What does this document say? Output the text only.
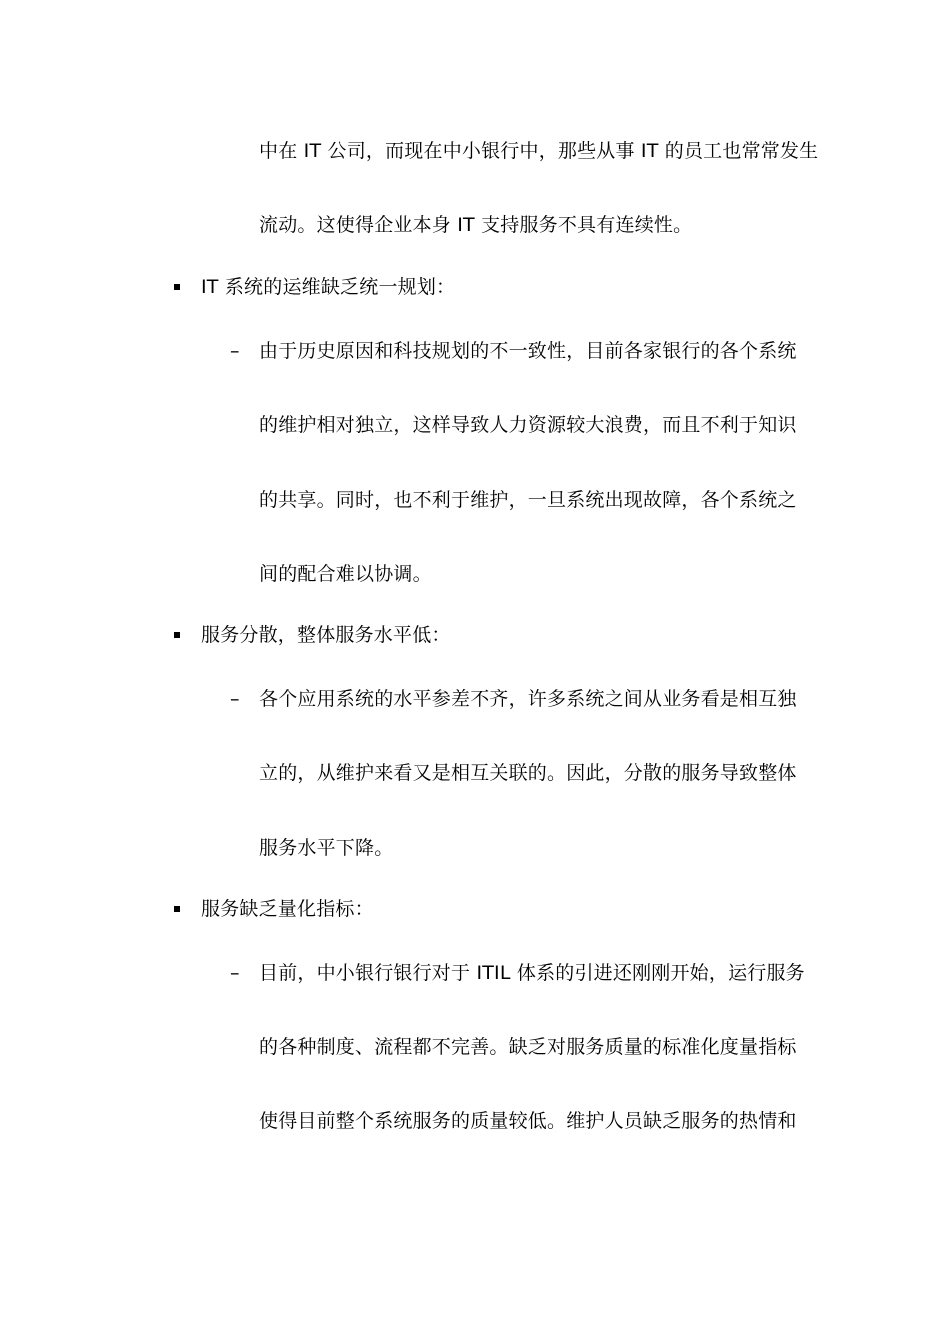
中在 IT 公司，而现在中小银行中，那些从事 IT 的员工也常常发生
流动。这使得企业本身 IT 支持服务不具有连续性。
IT 系统的运维缺乏统一规划：
– 由于历史原因和科技规划的不一致性，目前各家银行的各个系统
的维护相对独立，这样导致人力资源较大浪费，而且不利于知识
的共享。同时，也不利于维护，一旦系统出现故障，各个系统之
间的配合难以协调。
服务分散，整体服务水平低：
– 各个应用系统的水平参差不齐，许多系统之间从业务看是相互独
立的，从维护来看又是相互关联的。因此，分散的服务导致整体
服务水平下降。
服务缺乏量化指标：
– 目前，中小银行银行对于 ITIL 体系的引进还刚刚开始，运行服务
的各种制度、流程都不完善。缺乏对服务质量的标准化度量指标
使得目前整个系统服务的质量较低。维护人员缺乏服务的热情和
